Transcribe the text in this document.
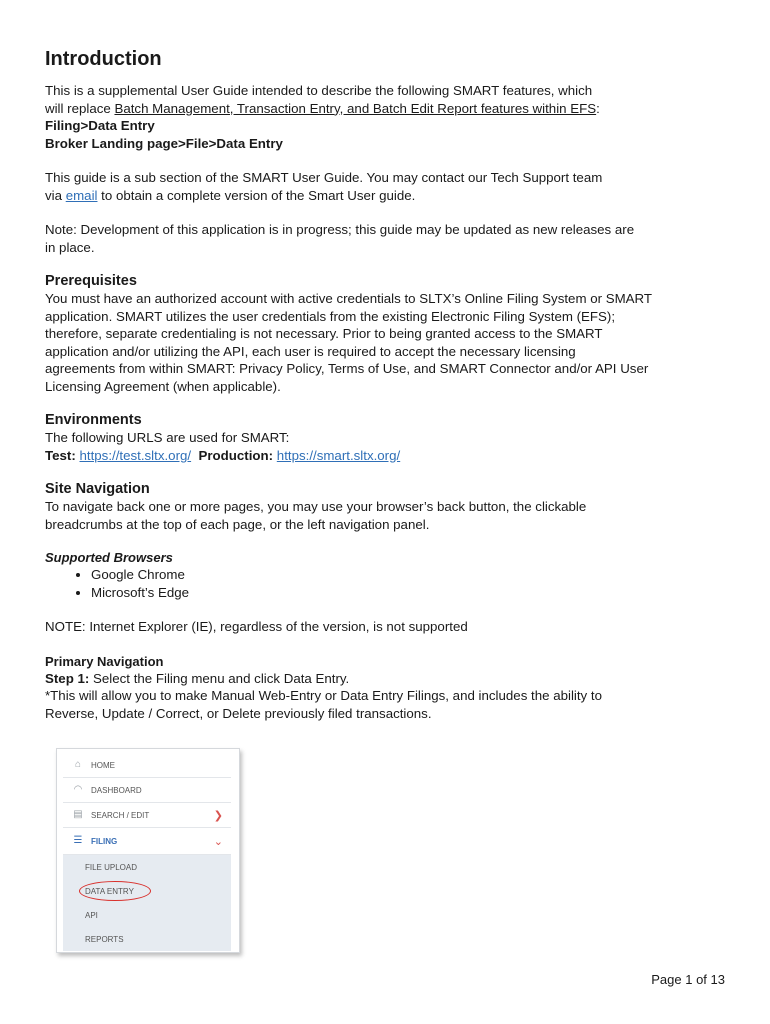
Introduction

This is a supplemental User Guide intended to describe the following SMART features, which

will replace Batch Management, Transaction Entry, and Batch Edit Report features within EFS:

Filing>Data Entry

Broker Landing page>File>Data Entry

This guide is a sub section of the SMART User Guide. You may contact our Tech Support team

via email to obtain a complete version of the Smart User guide.

Note: Development of this application is in progress; this guide may be updated as new releases are

in place.

Prerequisites

You must have an authorized account with active credentials to SLTX’s Online Filing System or SMART

application. SMART utilizes the user credentials from the existing Electronic Filing System (EFS);

therefore, separate credentialing is not necessary. Prior to being granted access to the SMART

application and/or utilizing the API, each user is required to accept the necessary licensing

agreements from within SMART: Privacy Policy, Terms of Use, and SMART Connector and/or API User

Licensing Agreement (when applicable).

Environments

The following URLS are used for SMART:

Test: https://test.sltx.org/ Production: https://smart.sltx.org/

Site Navigation

To navigate back one or more pages, you may use your browser’s back button, the clickable

breadcrumbs at the top of each page, or the left navigation panel.

Supported Browsers
• Google Chrome
• Microsoft’s Edge

NOTE: Internet Explorer (IE), regardless of the version, is not supported

Primary Navigation

Step 1: Select the Filing menu and click Data Entry.

*This will allow you to make Manual Web-Entry or Data Entry Filings, and includes the ability to

Reverse, Update / Correct, or Delete previously filed transactions.

⌂	HOME
◠	DASHBOARD
▤ SEARCH / EDIT	❯
☰	FILING	⌄
FILE UPLOAD
DATA ENTRY
API
REPORTS
Page 1 of 13
